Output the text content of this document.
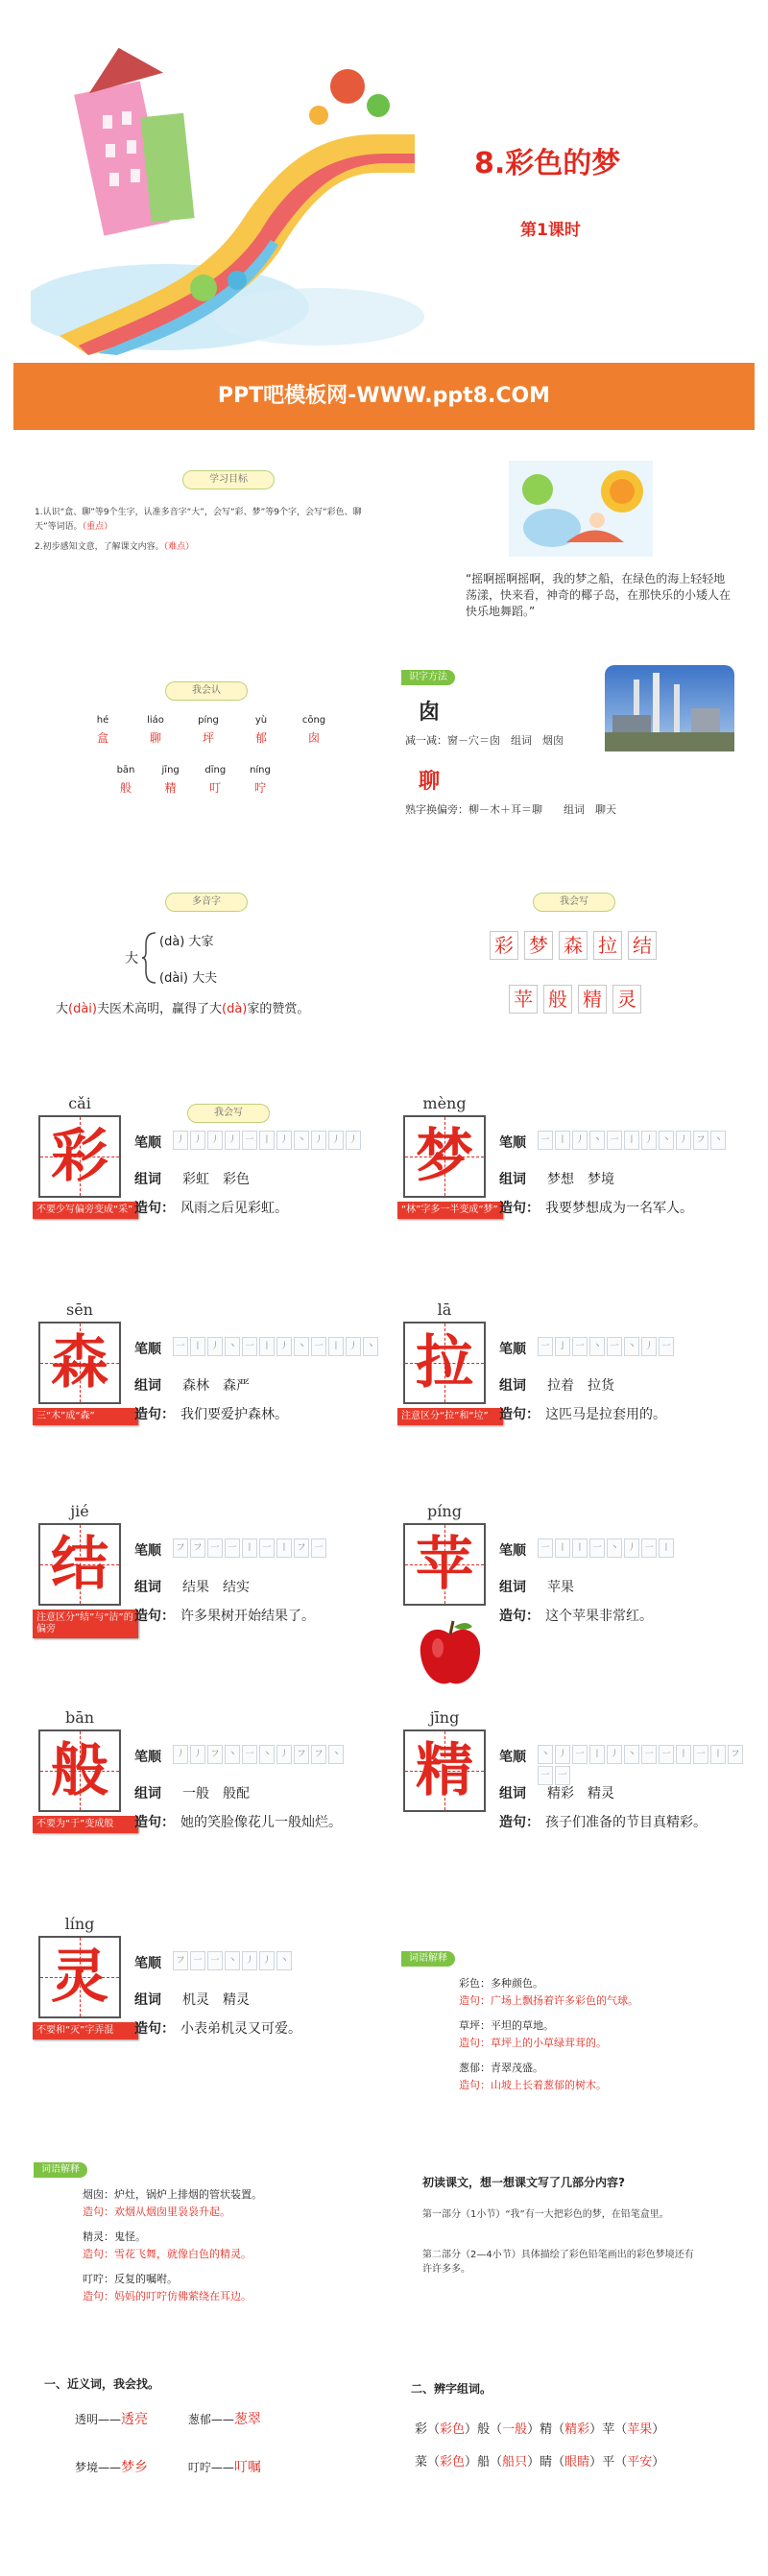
8.彩色的梦
第1课时
PPT吧模板网-WWW.ppt8.COM
学习目标
1.认识“盒、聊”等9个生字，认准多音字“大”，会写“彩、梦”等9个字，会写“彩色、聊天”等词语。（重点）
2.初步感知文意，了解课文内容。（难点）
“摇啊摇啊摇啊，我的梦之船，在绿色的海上轻轻地荡漾，快来看，神奇的椰子岛，在那快乐的小矮人在快乐地舞蹈。”
我会认
hé	liáo	píng	yù	cōng
盒	聊	坪	郁	囱
bān	jīng	dīng	níng
般	精	叮	咛
识字方法
囱
减一减：窗－穴＝囱　组词　烟囱
聊
熟字换偏旁：柳－木＋耳＝聊　　组词　聊天
多音字
大
(dà) 大家
(dài) 大夫
大(dài)夫医术高明，赢得了大(dà)家的赞赏。
我会写
彩 梦 森 拉 结
苹 般 精 灵
我会写
cǎi
彩
不要少写偏旁变成“采”
笔顺	丿 丿 丿 丿 一 丨 丿 丶 丿 丿 丿
组词 彩虹　彩色
造句： 风雨之后见彩虹。
mèng
梦
“林”字多一半变成“梦”
笔顺	一 丨 丿 丶 一 丨 丿 丶 丿 フ 丶
组词 梦想　梦境
造句： 我要梦想成为一名军人。
sēn
森
三“木”成“森”
笔顺	一 丨 丿 丶 一 丨 丿 丶 一 丨 丿 丶
组词 森林　森严
造句： 我们要爱护森林。
lā
拉
注意区分“拉”和“垃”
笔顺	一 亅 一 丶 一 丶 丿 一
组词 拉着　拉货
造句： 这匹马是拉套用的。
jié
结
注意区分“结”与“洁”的偏旁
笔顺	フ フ 一 一 丨 一 丨 フ 一
组词 结果　结实
造句： 许多果树开始结果了。
píng
苹	笔顺	一 丨 丨 一 丶 丿 一 丨
组词 苹果
造句： 这个苹果非常红。
bān
般
不要为“于”变成般
笔顺	丿 丿 フ 丶 一 丶 丿 フ フ 丶
组词 一般　般配
造句： 她的笑脸像花儿一般灿烂。
jīng
精	笔顺	丶 丿 一 丨 丿 丶 一 一 丨 一 丨 フ
一 一
组词 精彩　精灵
造句： 孩子们准备的节目真精彩。
líng
灵
不要和“灭”字弄混
笔顺	フ 一 一 丶 丿 丿 丶
组词 机灵　精灵
造句： 小表弟机灵又可爱。
词语解释
彩色：多种颜色。
造句：广场上飘扬着许多彩色的气球。
草坪：平坦的草地。
造句：草坪上的小草绿茸茸的。
葱郁：青翠茂盛。
造句：山坡上长着葱郁的树木。
词语解释
烟囱：炉灶，锅炉上排烟的管状装置。
造句：欢烟从烟囱里袅袅升起。
精灵：鬼怪。
造句：雪花飞舞，就像白色的精灵。
叮咛：反复的嘱咐。
造句：妈妈的叮咛仿佛萦绕在耳边。
初读课文，想一想课文写了几部分内容?
第一部分（1小节）“我”有一大把彩色的梦，在铅笔盒里。
第二部分（2—4小节）具体描绘了彩色铅笔画出的彩色梦境还有许许多多。
一、近义词，我会找。
透明——透亮	葱郁——葱翠
梦境——梦乡	叮咛——叮嘱
二、辨字组词。
彩（彩色）般（一般）精（精彩）苹（苹果）
菜（彩色）船（船只）睛（眼睛）平（平安）
